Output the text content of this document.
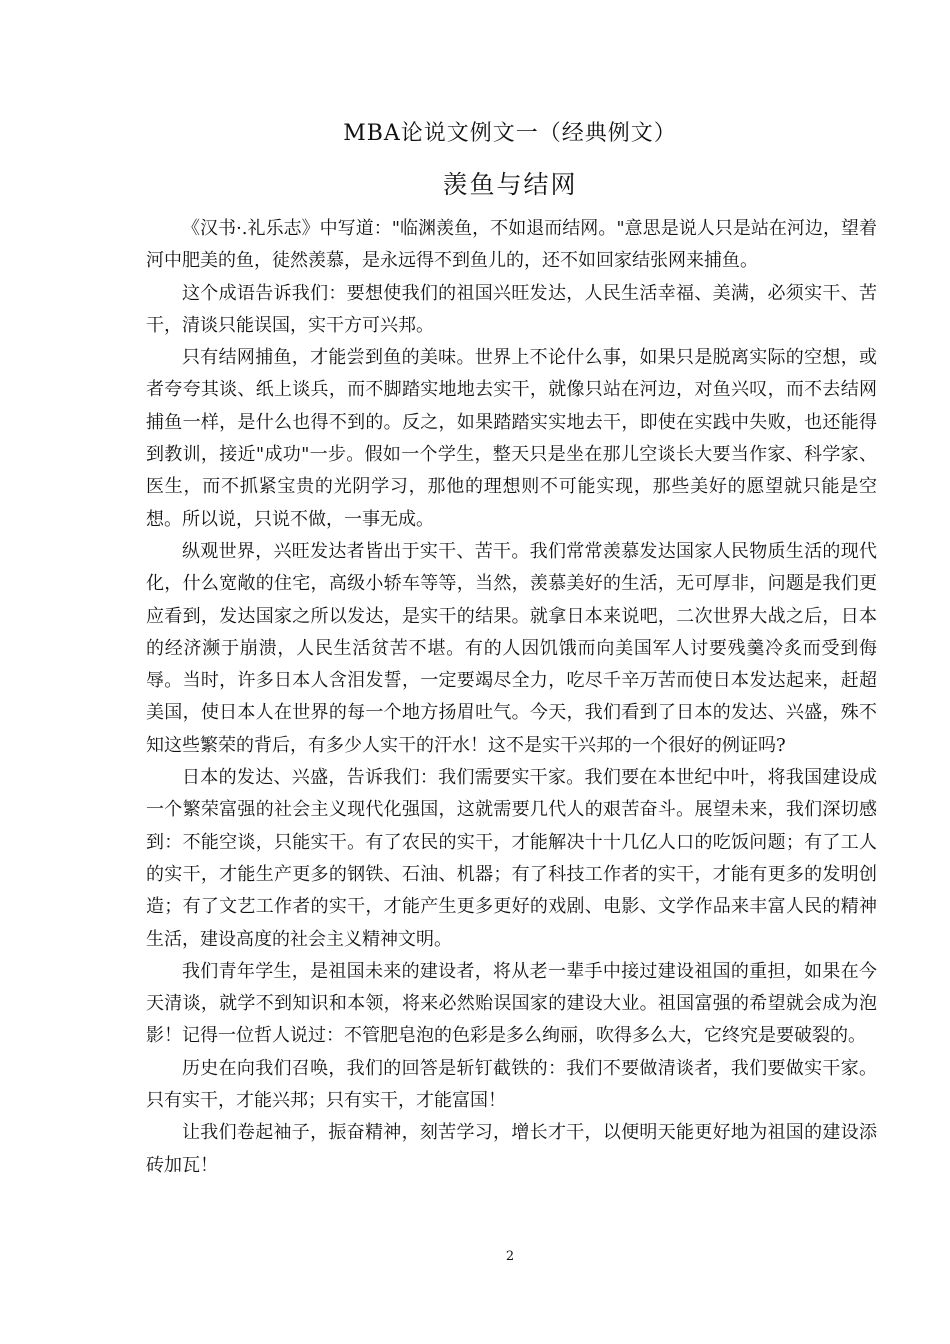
MBA论说文例文一（经典例文）
羡鱼与结网

《汉书·.礼乐志》中写道："临渊羡鱼，不如退而结网。"意思是说人只是站在河边，望着河中肥美的鱼，徒然羡慕，是永远得不到鱼儿的，还不如回家结张网来捕鱼。

这个成语告诉我们：要想使我们的祖国兴旺发达，人民生活幸福、美满，必须实干、苦干，清谈只能误国，实干方可兴邦。

只有结网捕鱼，才能尝到鱼的美味。世界上不论什么事，如果只是脱离实际的空想，或者夸夸其谈、纸上谈兵，而不脚踏实地地去实干，就像只站在河边，对鱼兴叹，而不去结网捕鱼一样，是什么也得不到的。反之，如果踏踏实实地去干，即使在实践中失败，也还能得到教训，接近"成功"一步。假如一个学生，整天只是坐在那儿空谈长大要当作家、科学家、医生，而不抓紧宝贵的光阴学习，那他的理想则不可能实现，那些美好的愿望就只能是空想。所以说，只说不做，一事无成。

纵观世界，兴旺发达者皆出于实干、苦干。我们常常羡慕发达国家人民物质生活的现代化，什么宽敞的住宅，高级小轿车等等，当然，羡慕美好的生活，无可厚非，问题是我们更应看到，发达国家之所以发达，是实干的结果。就拿日本来说吧，二次世界大战之后，日本的经济濒于崩溃，人民生活贫苦不堪。有的人因饥饿而向美国军人讨要残羹冷炙而受到侮辱。当时，许多日本人含泪发誓，一定要竭尽全力，吃尽千辛万苦而使日本发达起来，赶超美国，使日本人在世界的每一个地方扬眉吐气。今天，我们看到了日本的发达、兴盛，殊不知这些繁荣的背后，有多少人实干的汗水！这不是实干兴邦的一个很好的例证吗?

日本的发达、兴盛，告诉我们：我们需要实干家。我们要在本世纪中叶，将我国建设成一个繁荣富强的社会主义现代化强国，这就需要几代人的艰苦奋斗。展望未来，我们深切感到：不能空谈，只能实干。有了农民的实干，才能解决十十几亿人口的吃饭问题；有了工人的实干，才能生产更多的钢铁、石油、机器；有了科技工作者的实干，才能有更多的发明创造；有了文艺工作者的实干，才能产生更多更好的戏剧、电影、文学作品来丰富人民的精神生活，建设高度的社会主义精神文明。

我们青年学生，是祖国未来的建设者，将从老一辈手中接过建设祖国的重担，如果在今天清谈，就学不到知识和本领，将来必然贻误国家的建设大业。祖国富强的希望就会成为泡影！记得一位哲人说过：不管肥皂泡的色彩是多么绚丽，吹得多么大，它终究是要破裂的。

历史在向我们召唤，我们的回答是斩钉截铁的：我们不要做清谈者，我们要做实干家。只有实干，才能兴邦；只有实干，才能富国！

让我们卷起袖子，振奋精神，刻苦学习，增长才干，以便明天能更好地为祖国的建设添砖加瓦！

2
